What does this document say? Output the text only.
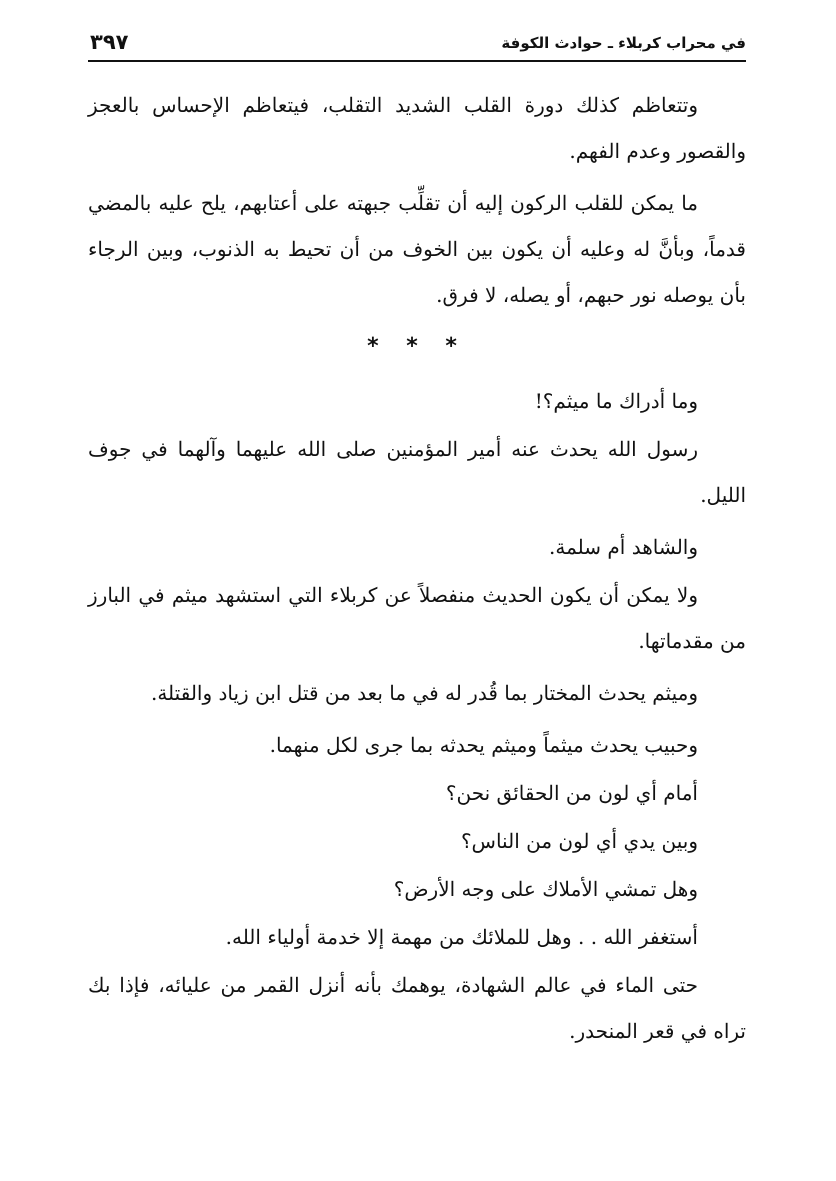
في محراب كربلاء ـ حوادث الكوفة
٣٩٧

وتتعاظم كذلك دورة القلب الشديد التقلب، فيتعاظم الإحساس بالعجز والقصور وعدم الفهم.

ما يمكن للقلب الركون إليه أن تقلِّب جبهته على أعتابهم، يلح عليه بالمضي قدماً، وبأنَّ له وعليه أن يكون بين الخوف من أن تحيط به الذنوب، وبين الرجاء بأن يوصله نور حبهم، أو يصله، لا فرق.

* * *

وما أدراك ما ميثم؟!

رسول الله يحدث عنه أمير المؤمنين صلى الله عليهما وآلهما في جوف الليل.

والشاهد أم سلمة.

ولا يمكن أن يكون الحديث منفصلاً عن كربلاء التي استشهد ميثم في البارز من مقدماتها.

وميثم يحدث المختار بما قُدر له في ما بعد من قتل ابن زياد والقتلة.

وحبيب يحدث ميثماً وميثم يحدثه بما جرى لكل منهما.

أمام أي لون من الحقائق نحن؟

وبين يدي أي لون من الناس؟

وهل تمشي الأملاك على وجه الأرض؟

أستغفر الله . . وهل للملائك من مهمة إلا خدمة أولياء الله.

حتى الماء في عالم الشهادة، يوهمك بأنه أنزل القمر من عليائه، فإذا بك تراه في قعر المنحدر.
